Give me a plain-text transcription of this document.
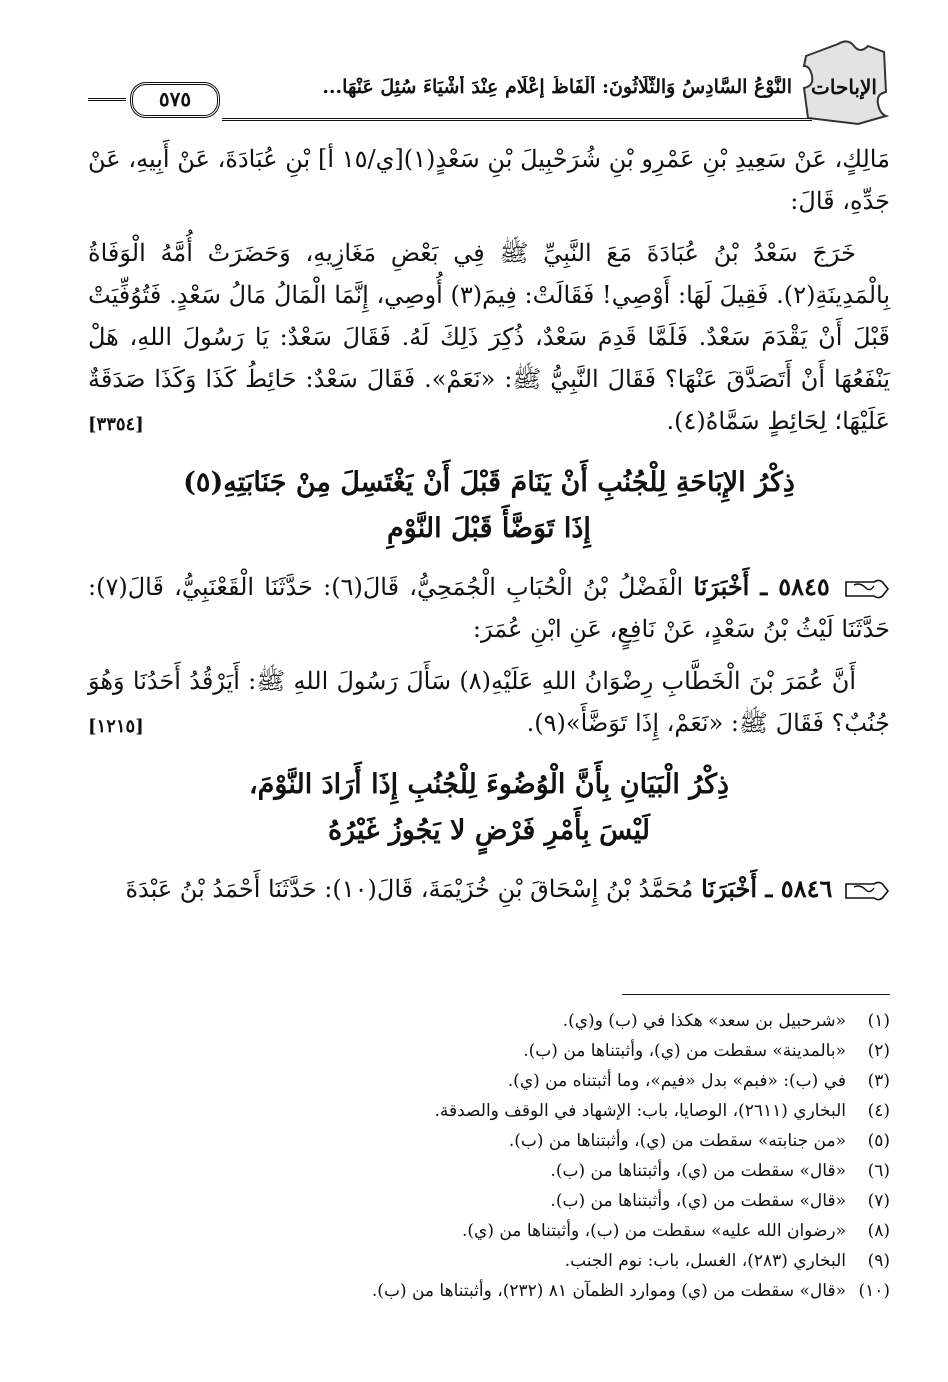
الإباحات
النَّوْعُ السَّادِسُ وَالثَّلَاثُونَ: أَلْفَاظُ إِعْلَامٍ عِنْدَ أَشْيَاءَ سُئِلَ عَنْهَا...
٥٧٥

مَالِكٍ، عَنْ سَعِيدِ بْنِ عَمْرِو بْنِ شُرَحْبِيلَ بْنِ سَعْدٍ(١)[ي/١٥ أ] بْنِ عُبَادَةَ، عَنْ أَبِيهِ، عَنْ جَدِّهِ، قَالَ:

خَرَجَ سَعْدُ بْنُ عُبَادَةَ مَعَ النَّبِيِّ ﷺ فِي بَعْضِ مَغَازِيهِ، وَحَضَرَتْ أُمَّهُ الْوَفَاةُ بِالْمَدِينَةِ(٢). فَقِيلَ لَهَا: أَوْصِي! فَقَالَتْ: فِيمَ(٣) أُوصِي، إِنَّمَا الْمَالُ مَالُ سَعْدٍ. فَتُوُفِّيَتْ قَبْلَ أَنْ يَقْدَمَ سَعْدٌ. فَلَمَّا قَدِمَ سَعْدٌ، ذُكِرَ ذَلِكَ لَهُ. فَقَالَ سَعْدٌ: يَا رَسُولَ اللهِ، هَلْ يَنْفَعُهَا أَنْ أَتَصَدَّقَ عَنْهَا؟ فَقَالَ النَّبِيُّ ﷺ: «نَعَمْ». فَقَالَ سَعْدٌ: حَائِطُ كَذَا وَكَذَا صَدَقَةٌ عَلَيْهَا؛ لِحَائِطٍ سَمَّاهُ(٤).
[٣٣٥٤]

ذِكْرُ الإِبَاحَةِ لِلْجُنُبِ أَنْ يَنَامَ قَبْلَ أَنْ يَغْتَسِلَ مِنْ جَنَابَتِهِ(٥)
إِذَا تَوَضَّأَ قَبْلَ النَّوْمِ

٥٨٤٥ ـ أَخْبَرَنَا الْفَضْلُ بْنُ الْحُبَابِ الْجُمَحِيُّ، قَالَ(٦): حَدَّثَنَا الْقَعْنَبِيُّ، قَالَ(٧): حَدَّثَنَا لَيْثُ بْنُ سَعْدٍ، عَنْ نَافِعٍ، عَنِ ابْنِ عُمَرَ:

أَنَّ عُمَرَ بْنَ الْخَطَّابِ رِضْوَانُ اللهِ عَلَيْهِ(٨) سَأَلَ رَسُولَ اللهِ ﷺ: أَيَرْقُدُ أَحَدُنَا وَهُوَ جُنُبٌ؟ فَقَالَ ﷺ: «نَعَمْ، إِذَا تَوَضَّأَ»(٩).
[١٢١٥]

ذِكْرُ الْبَيَانِ بِأَنَّ الْوُضُوءَ لِلْجُنُبِ إِذَا أَرَادَ النَّوْمَ،
لَيْسَ بِأَمْرِ فَرْضٍ لا يَجُوزُ غَيْرُهُ

٥٨٤٦ ـ أَخْبَرَنَا مُحَمَّدُ بْنُ إِسْحَاقَ بْنِ خُزَيْمَةَ، قَالَ(١٠): حَدَّثَنَا أَحْمَدُ بْنُ عَبْدَةَ

(١)«شرحبيل بن سعد» هكذا في (ب) و(ي).
(٢)«بالمدينة» سقطت من (ي)، وأثبتناها من (ب).
(٣)في (ب): «فبم» بدل «فيم»، وما أثبتناه من (ي).
(٤)البخاري (٢٦١١)، الوصايا، باب: الإشهاد في الوقف والصدقة.
(٥)«من جنابته» سقطت من (ي)، وأثبتناها من (ب).
(٦)«قال» سقطت من (ي)، وأثبتناها من (ب).
(٧)«قال» سقطت من (ي)، وأثبتناها من (ب).
(٨)«رضوان الله عليه» سقطت من (ب)، وأثبتناها من (ي).
(٩)البخاري (٢٨٣)، الغسل، باب: نوم الجنب.
(١٠)«قال» سقطت من (ي) وموارد الظمآن ٨١ (٢٣٢)، وأثبتناها من (ب).
